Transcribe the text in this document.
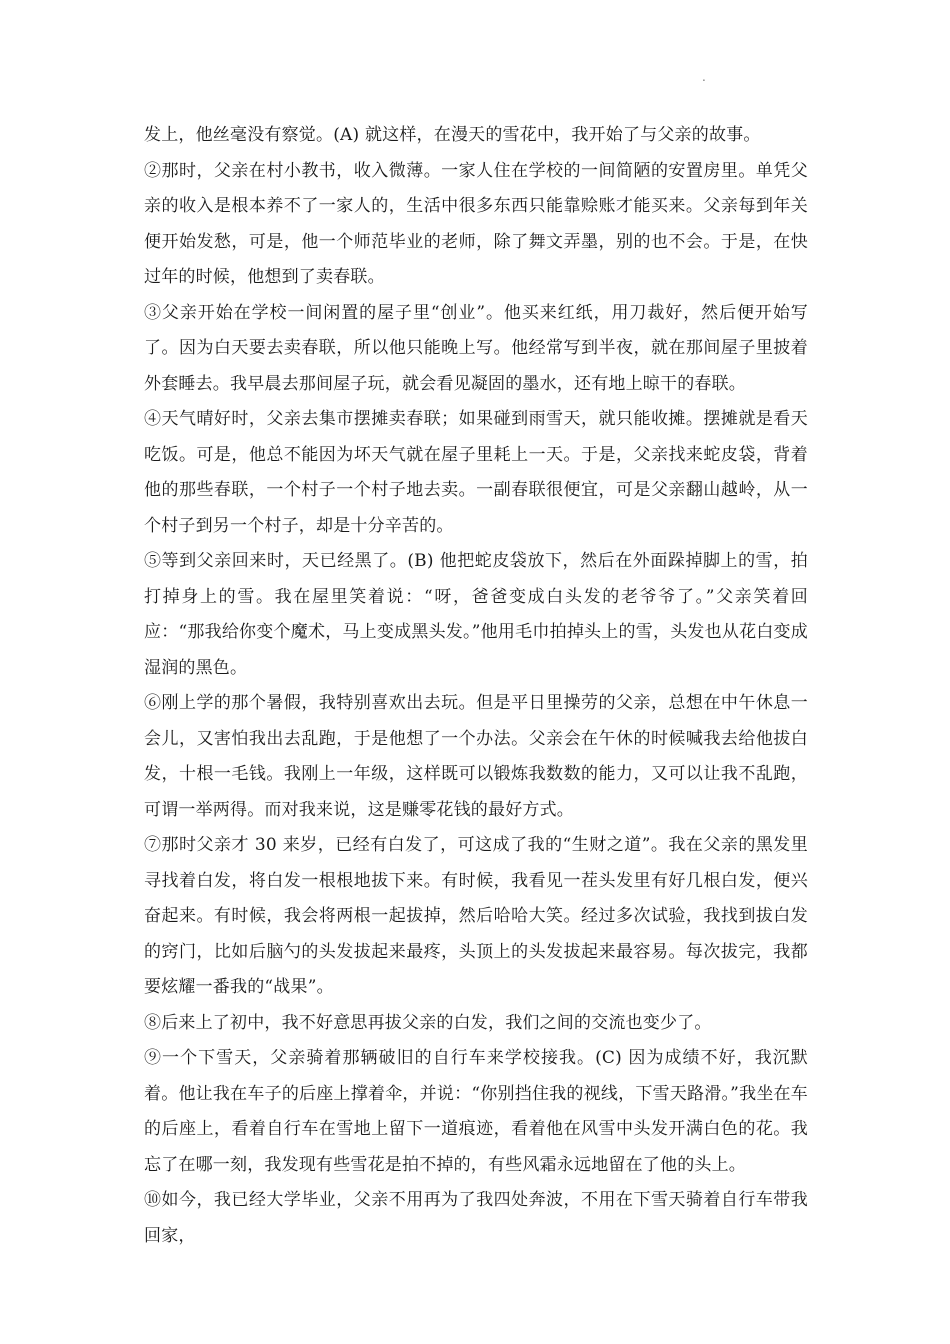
.

发上，他丝毫没有察觉。(A) 就这样，在漫天的雪花中，我开始了与父亲的故事。

②那时，父亲在村小教书，收入微薄。一家人住在学校的一间简陋的安置房里。单凭父亲的收入是根本养不了一家人的，生活中很多东西只能靠赊账才能买来。父亲每到年关便开始发愁，可是，他一个师范毕业的老师，除了舞文弄墨，别的也不会。于是，在快过年的时候，他想到了卖春联。

③父亲开始在学校一间闲置的屋子里“创业”。他买来红纸，用刀裁好，然后便开始写了。因为白天要去卖春联，所以他只能晚上写。他经常写到半夜，就在那间屋子里披着外套睡去。我早晨去那间屋子玩，就会看见凝固的墨水，还有地上晾干的春联。

④天气晴好时，父亲去集市摆摊卖春联；如果碰到雨雪天，就只能收摊。摆摊就是看天吃饭。可是，他总不能因为坏天气就在屋子里耗上一天。于是，父亲找来蛇皮袋，背着他的那些春联，一个村子一个村子地去卖。一副春联很便宜，可是父亲翻山越岭，从一个村子到另一个村子，却是十分辛苦的。

⑤等到父亲回来时，天已经黑了。(B) 他把蛇皮袋放下，然后在外面跺掉脚上的雪，拍打掉身上的雪。我在屋里笑着说：“呀，爸爸变成白头发的老爷爷了。”父亲笑着回应：“那我给你变个魔术，马上变成黑头发。”他用毛巾拍掉头上的雪，头发也从花白变成湿润的黑色。

⑥刚上学的那个暑假，我特别喜欢出去玩。但是平日里操劳的父亲，总想在中午休息一会儿，又害怕我出去乱跑，于是他想了一个办法。父亲会在午休的时候喊我去给他拔白发，十根一毛钱。我刚上一年级，这样既可以锻炼我数数的能力，又可以让我不乱跑，可谓一举两得。而对我来说，这是赚零花钱的最好方式。

⑦那时父亲才 30 来岁，已经有白发了，可这成了我的“生财之道”。我在父亲的黑发里寻找着白发，将白发一根根地拔下来。有时候，我看见一茬头发里有好几根白发，便兴奋起来。有时候，我会将两根一起拔掉，然后哈哈大笑。经过多次试验，我找到拔白发的窍门，比如后脑勺的头发拔起来最疼，头顶上的头发拔起来最容易。每次拔完，我都要炫耀一番我的“战果”。

⑧后来上了初中，我不好意思再拔父亲的白发，我们之间的交流也变少了。

⑨一个下雪天，父亲骑着那辆破旧的自行车来学校接我。(C) 因为成绩不好，我沉默着。他让我在车子的后座上撑着伞，并说：“你别挡住我的视线，下雪天路滑。”我坐在车的后座上，看着自行车在雪地上留下一道痕迹，看着他在风雪中头发开满白色的花。我忘了在哪一刻，我发现有些雪花是拍不掉的，有些风霜永远地留在了他的头上。

⑩如今，我已经大学毕业，父亲不用再为了我四处奔波，不用在下雪天骑着自行车带我回家，
